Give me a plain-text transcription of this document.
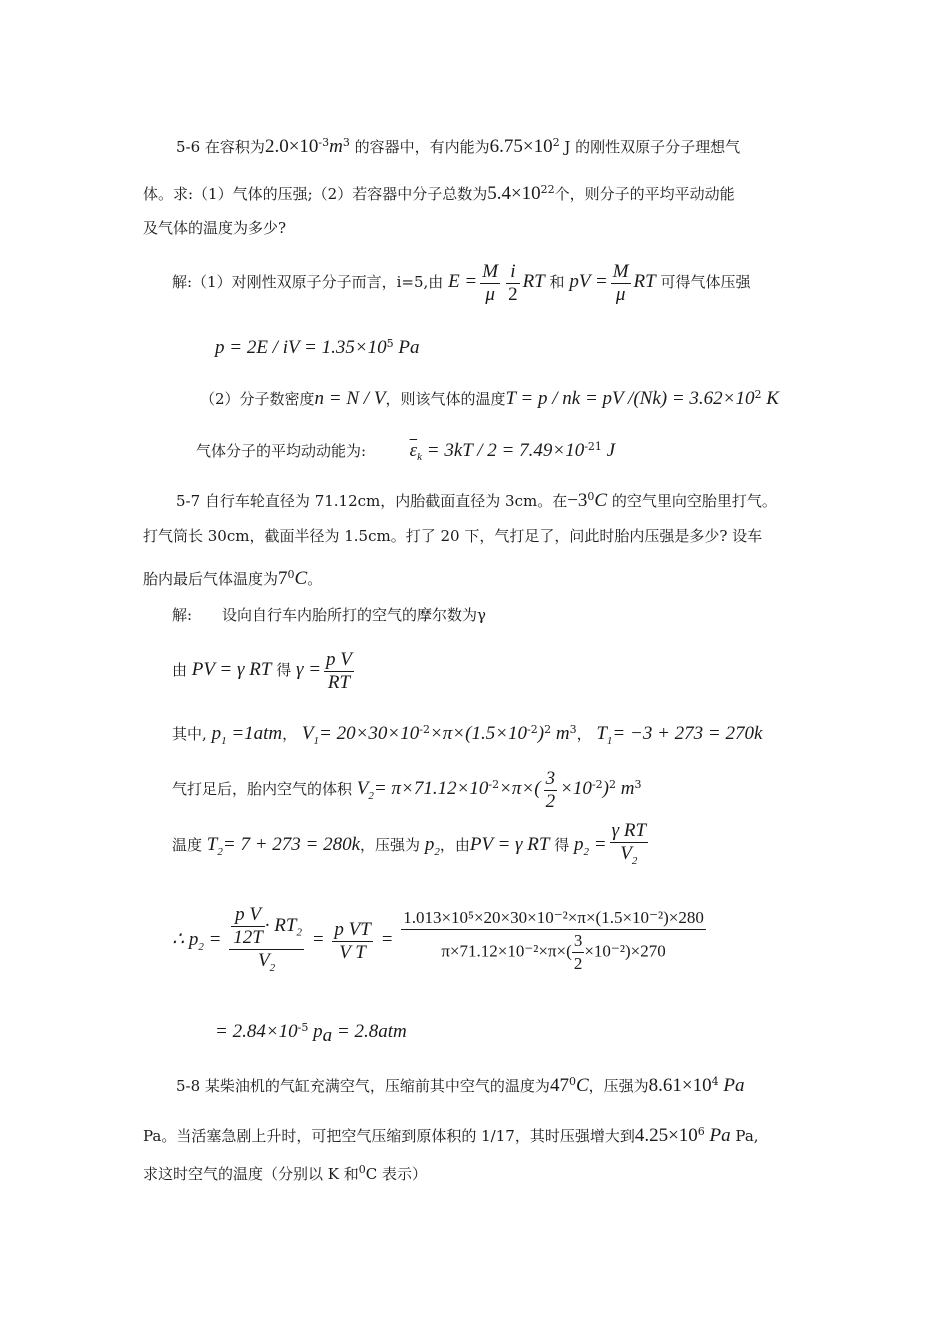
5-6 在容积为$2.0\times 10^{-3}m^3$ 的容器中，有内能为$6.75\times 10^2$ J 的刚性双原子分子理想气
体。求:（1）气体的压强;（2）若容器中分子总数为$5.4\times 10^{22}$个，则分子的平均平动动能
及气体的温度为多少?
解:（1）对刚性双原子分子而言，i=5,由 $E = \frac{M}{\mu} \frac{i}{2}$ RT 和 pV = $\frac{M}{\mu}$ RT 可得气体压强
p = 2E / iV = $1.35\times 10^5$ Pa
（2）分子数密度n = N / V，则该气体的温度T = p / nk = pV $/(Nk) = 3.62\times 10^2$ K
气体分子的平均动动能为: $\overline{\varepsilon}_k = 3kT / 2 = 7.49\times 10^{-21}$ J
5-7 自行车轮直径为 71.12cm，内胎截面直径为 3cm。在$-3^0C$ 的空气里向空胎里打气。
打气筒长 30cm，截面半径为 1.5cm。打了 20 下，气打足了，问此时胎内压强是多少? 设车
胎内最后气体温度为$7^0C$。
解:　　设向自行车内胎所打的空气的摩尔数为γ
由 PV = γ RT 得 $\gamma = \frac{\text{p V}}{RT}$
其中, $p_1 =1atm$， $V_1= 20\times 30\times 10^{-2}\times\pi\times(1.5\times 10^{-2})^2$ $m^3$， $T_1= -3 + 273 = 270k$
气打足后，胎内空气的体积 $V_2= \pi\times 71.12\times 10^{-2}\times\pi\times( \frac{3}{2} \times 10^{-2})^2$ $m^3$
温度 $T_2= 7 + 273 = 280k$，压强为 $p_2$，由PV = γ RT 得 $p_2 = \frac{\text{γ RT}}{V_2}$
∴ $p_2 = \frac{\frac{\text{p V}}{12T} \cdot RT_2}{V_2} = \frac{\text{p VT}}{\text{V T}} = \frac{\text{1.013×10⁵×20×30×10⁻²×π×(1.5×10⁻²)×280}}{\pi\times 71.12\times 10^{-2}\times\pi\times( \frac{3}{2} \times 10^{-2})\times 270}$
= $2.84\times 10^{-5}$ $p_a = 2.8atm$
5-8 某柴油机的气缸充满空气，压缩前其中空气的温度为$47^0C$，压强为$8.61\times 10^4$ Pa
Pa。当活塞急剧上升时，可把空气压缩到原体积的 1/17，其时压强增大到$4.25\times 10^6$ Pa Pa,
求这时空气的温度（分别以 K 和$^0$C 表示）
